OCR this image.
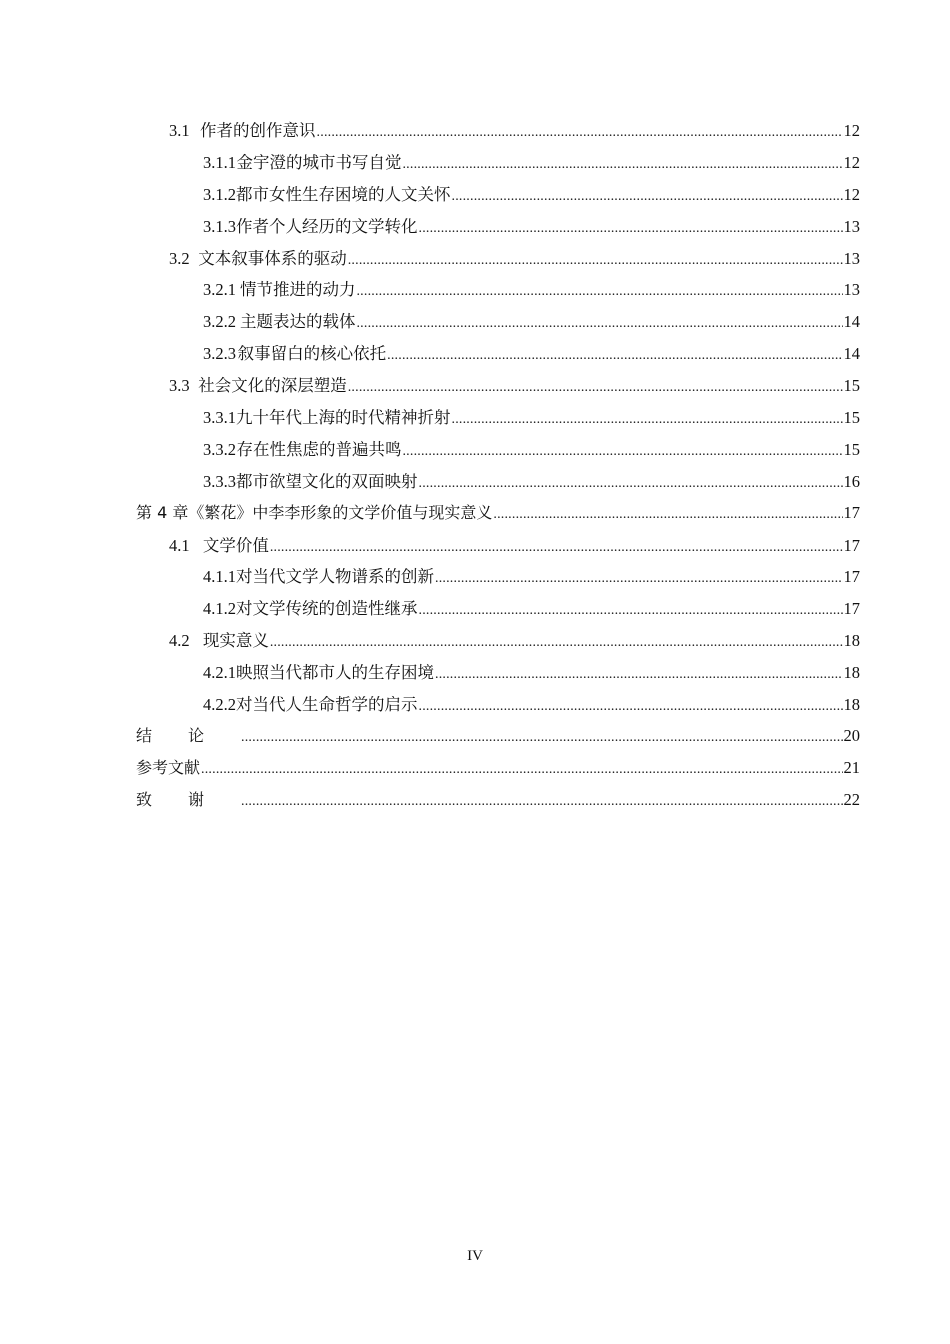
3.1 作者的创作意识 .....	12
3.1.1 金宇澄的城市书写自觉 .....	12
3.1.2 都市女性生存困境的人文关怀 .....	12
3.1.3 作者个人经历的文学转化 .....	13
3.2 文本叙事体系的驱动 .....	13
3.2.1 情节推进的动力 .....	13
3.2.2 主题表达的载体 .....	14
3.2.3 叙事留白的核心依托 .....	14
3.3 社会文化的深层塑造 .....	15
3.3.1 九十年代上海的时代精神折射 .....	15
3.3.2 存在性焦虑的普遍共鸣 .....	15
3.3.3 都市欲望文化的双面映射 .....	16
第 4 章 《繁花》中李李形象的文学价值与现实意义 .....	17
4.1 文学价值 .....	17
4.1.1 对当代文学人物谱系的创新 .....	17
4.1.2 对文学传统的创造性继承 .....	17
4.2 现实意义 .....	18
4.2.1 映照当代都市人的生存困境 .....	18
4.2.2 对当代人生命哲学的启示 .....	18
结论 .....	20
参考文献 .....	21
致谢 .....	22
IV
